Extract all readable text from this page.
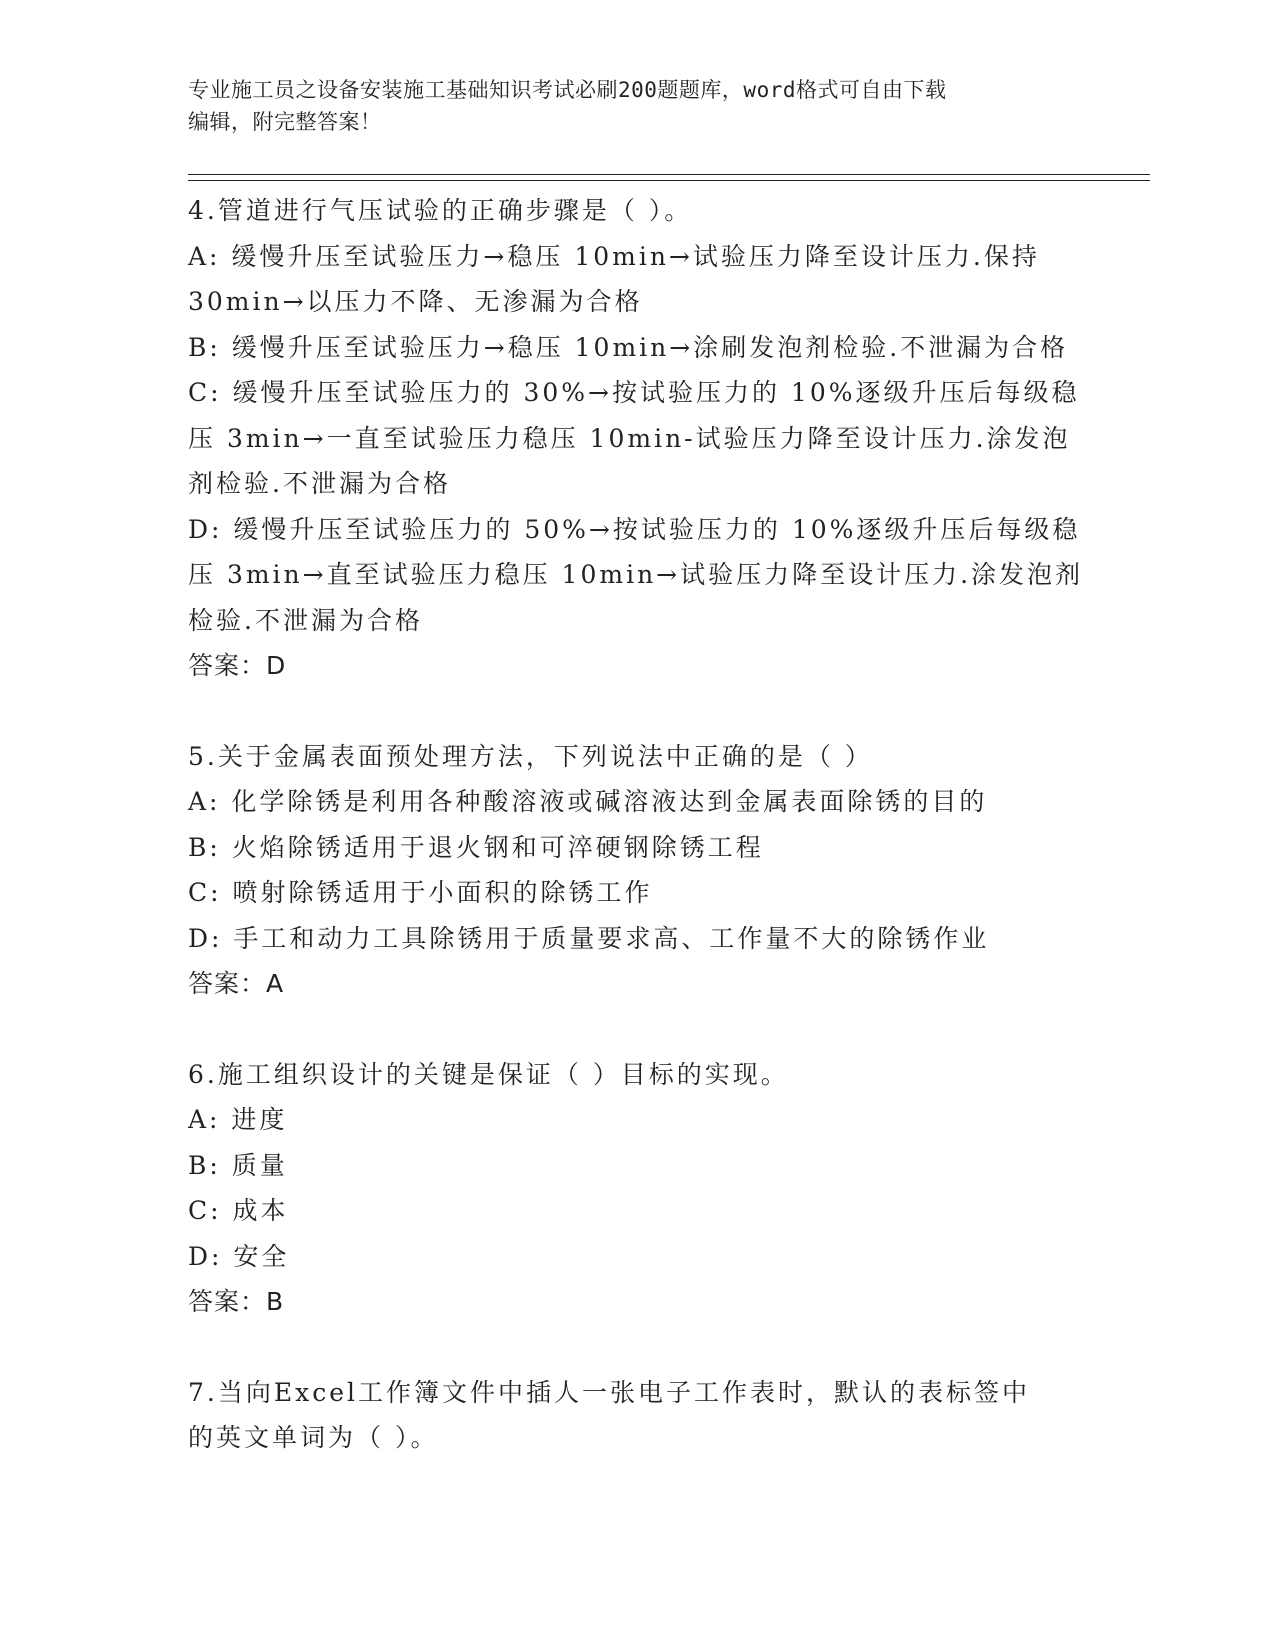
专业施工员之设备安装施工基础知识考试必刷200题题库，word格式可自由下载
编辑，附完整答案！
4.管道进行气压试验的正确步骤是（ ）。
A: 缓慢升压至试验压力→稳压 10min→试验压力降至设计压力.保持
30min→以压力不降、无渗漏为合格
B: 缓慢升压至试验压力→稳压 10min→涂刷发泡剂检验.不泄漏为合格
C: 缓慢升压至试验压力的 30%→按试验压力的 10%逐级升压后每级稳
压 3min→一直至试验压力稳压 10min-试验压力降至设计压力.涂发泡
剂检验.不泄漏为合格
D: 缓慢升压至试验压力的 50%→按试验压力的 10%逐级升压后每级稳
压 3min→直至试验压力稳压 10min→试验压力降至设计压力.涂发泡剂
检验.不泄漏为合格
答案：D
5.关于金属表面预处理方法，下列说法中正确的是（ ）
A: 化学除锈是利用各种酸溶液或碱溶液达到金属表面除锈的目的
B: 火焰除锈适用于退火钢和可淬硬钢除锈工程
C: 喷射除锈适用于小面积的除锈工作
D: 手工和动力工具除锈用于质量要求高、工作量不大的除锈作业
答案：A
6.施工组织设计的关键是保证（ ）目标的实现。
A: 进度
B: 质量
C: 成本
D: 安全
答案：B
7.当向Excel工作簿文件中插人一张电子工作表时，默认的表标签中
的英文单词为（ ）。
